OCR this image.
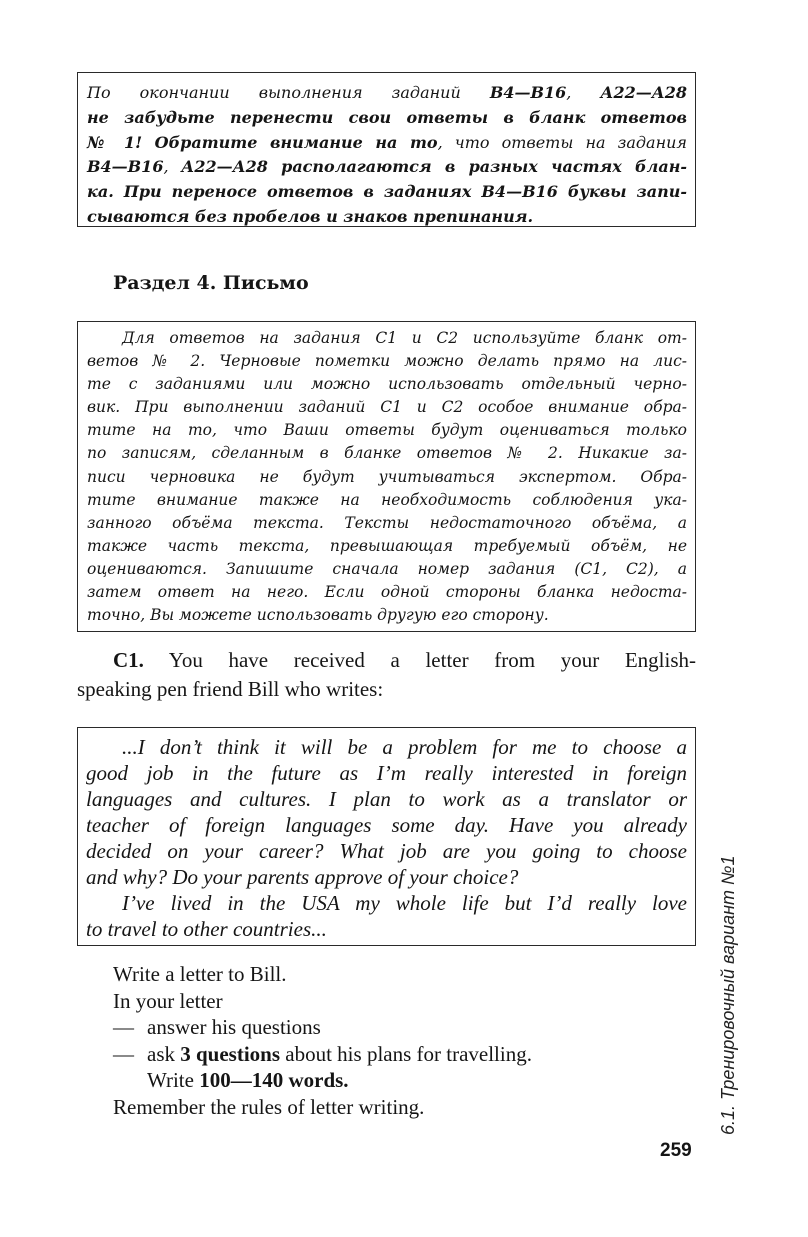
По окончании выполнения заданий В4—В16, А22—А28
не забудьте перенести свои ответы в бланк ответов
№ 1! Обратите внимание на то, что ответы на задания
В4—В16, А22—А28 располагаются в разных частях блан-
ка. При переносе ответов в заданиях В4—В16 буквы запи-
сываются без пробелов и знаков препинания.
Раздел 4. Письмо
Для ответов на задания С1 и С2 используйте бланк от-
ветов № 2. Черновые пометки можно делать прямо на лис-
те с заданиями или можно использовать отдельный черно-
вик. При выполнении заданий С1 и С2 особое внимание обра-
тите на то, что Ваши ответы будут оцениваться только
по записям, сделанным в бланке ответов № 2. Никакие за-
писи черновика не будут учитываться экспертом. Обра-
тите внимание также на необходимость соблюдения ука-
занного объёма текста. Тексты недостаточного объёма, а
также часть текста, превышающая требуемый объём, не
оцениваются. Запишите сначала номер задания (С1, С2), а
затем ответ на него. Если одной стороны бланка недоста-
точно, Вы можете использовать другую его сторону.
C1. You have received a letter from your English-
speaking pen friend Bill who writes:
...I don’t think it will be a problem for me to choose a
good job in the future as I’m really interested in foreign
languages and cultures. I plan to work as a translator or
teacher of foreign languages some day. Have you already
decided on your career? What job are you going to choose
and why? Do your parents approve of your choice?
I’ve lived in the USA my whole life but I’d really love
to travel to other countries...
Write a letter to Bill.
In your letter
— answer his questions
— ask 3 questions about his plans for travelling.
Write 100—140 words.
Remember the rules of letter writing.	6.1. Тренировочный вариант №1
259
